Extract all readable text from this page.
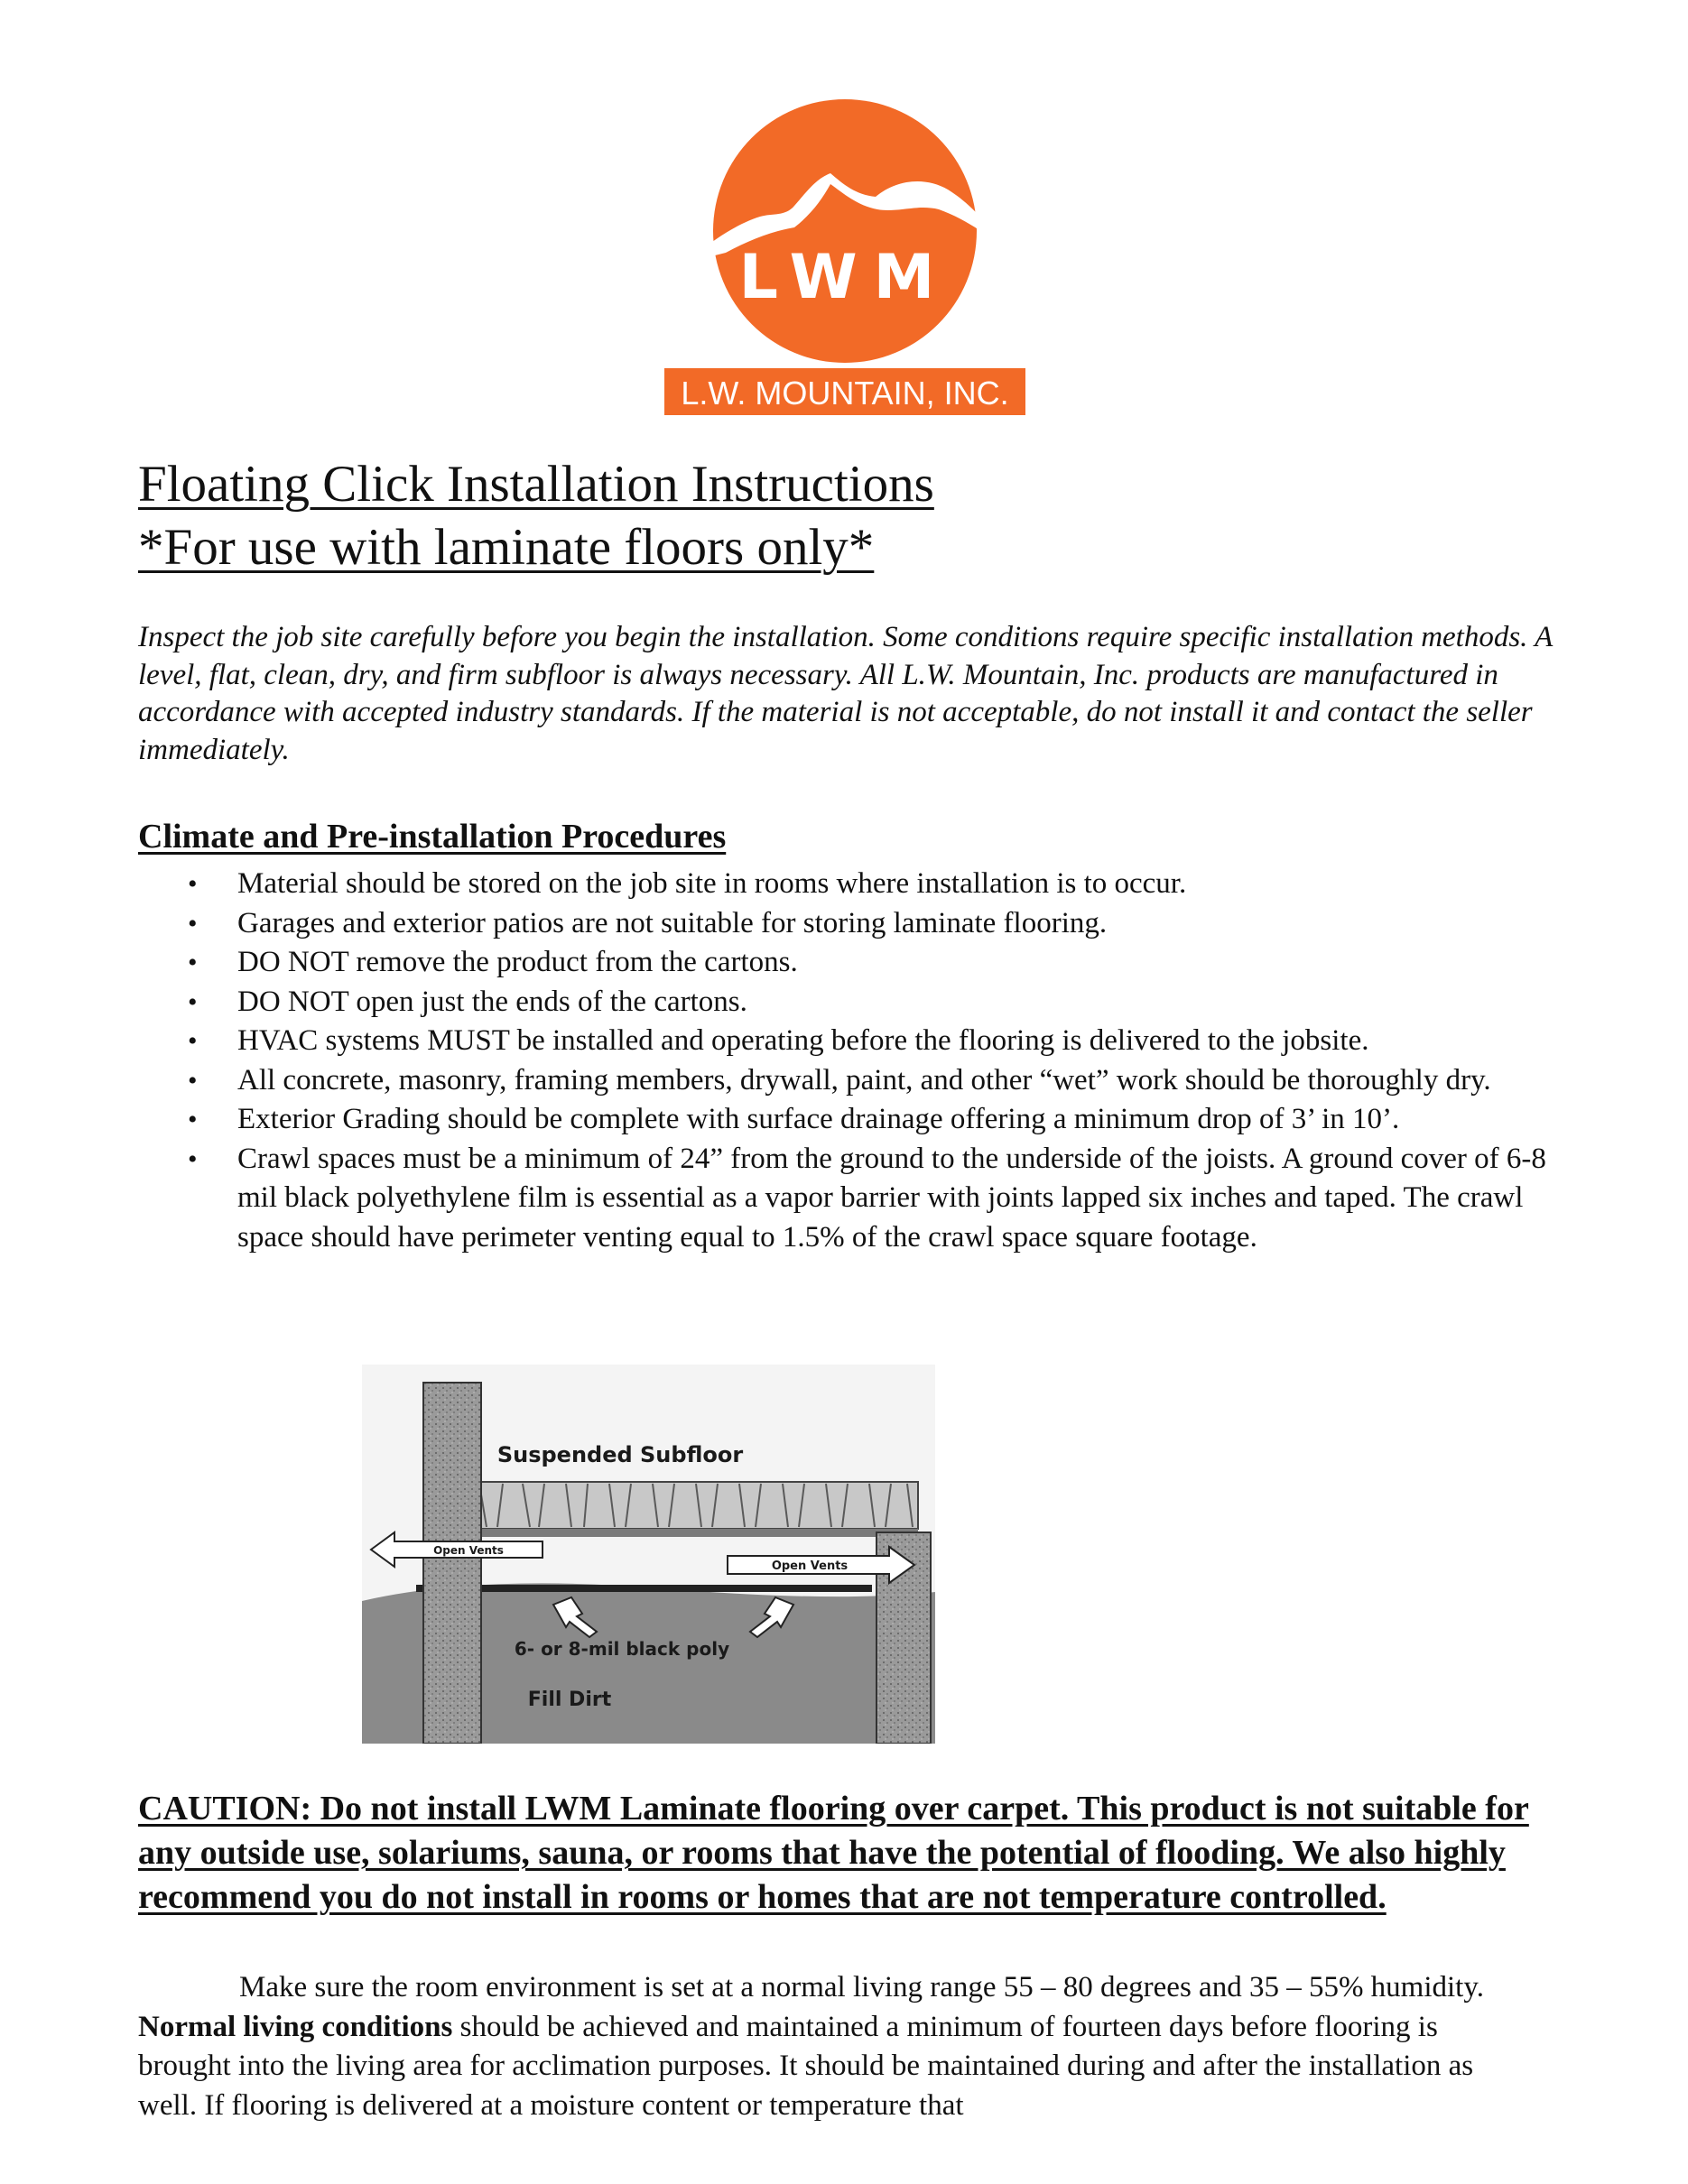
LWM
L.W. MOUNTAIN, INC.
Floating Click Installation Instructions
*For use with laminate floors only*
Inspect the job site carefully before you begin the installation. Some conditions require specific installation methods. A level, flat, clean, dry, and firm subfloor is always necessary. All L.W. Mountain, Inc. products are manufactured in accordance with accepted industry standards. If the material is not acceptable, do not install it and contact the seller immediately.
Climate and Pre-installation Procedures
• Material should be stored on the job site in rooms where installation is to occur.
• Garages and exterior patios are not suitable for storing laminate flooring.
• DO NOT remove the product from the cartons.
• DO NOT open just the ends of the cartons.
• HVAC systems MUST be installed and operating before the flooring is delivered to the jobsite.
• All concrete, masonry, framing members, drywall, paint, and other “wet” work should be thoroughly dry.
• Exterior Grading should be complete with surface drainage offering a minimum drop of 3’ in 10’.
• Crawl spaces must be a minimum of 24” from the ground to the underside of the joists. A ground cover of 6-8 mil black polyethylene film is essential as a vapor barrier with joints lapped six inches and taped. The crawl space should have perimeter venting equal to 1.5% of the crawl space square footage.
Suspended Subfloor
Open Vents
Open Vents
6- or 8-mil black poly
Fill Dirt
CAUTION: Do not install LWM Laminate flooring over carpet. This product is not suitable for any outside use, solariums, sauna, or rooms that have the potential of flooding. We also highly recommend you do not install in rooms or homes that are not temperature controlled.
Make sure the room environment is set at a normal living range 55 – 80 degrees and 35 – 55% humidity. Normal living conditions should be achieved and maintained a minimum of fourteen days before flooring is brought into the living area for acclimation purposes. It should be maintained during and after the installation as well. If flooring is delivered at a moisture content or temperature that
